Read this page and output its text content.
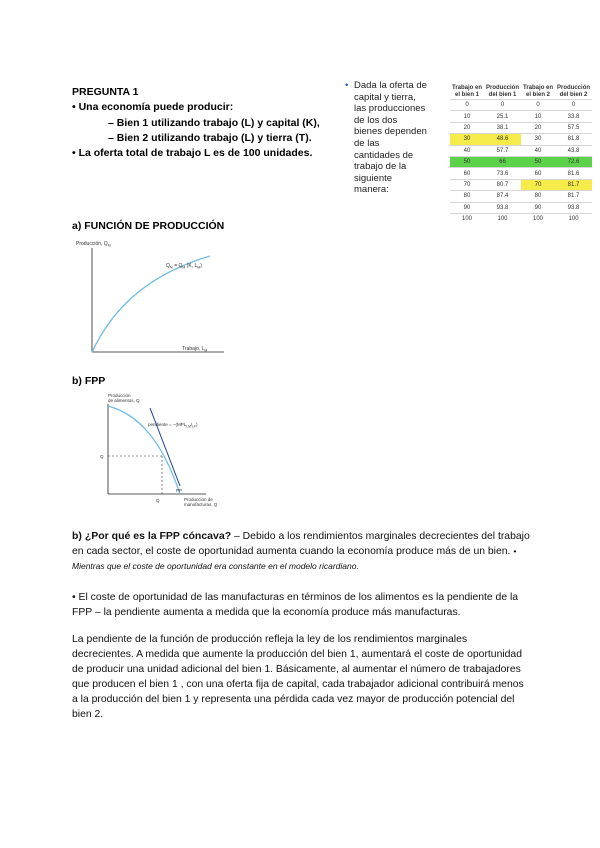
PREGUNTA 1
• Una economía puede producir:
– Bien 1 utilizando trabajo (L) y capital (K),
– Bien 2 utilizando trabajo (L) y tierra (T).
• La oferta total de trabajo L es de 100 unidades.
• Dada la oferta de
capital y tierra,
las producciones
de los dos
bienes dependen
de las
cantidades de
trabajo de la
siguiente
manera:
Trabajo en el bien 1	Producción del bien 1	Trabajo en el bien 2	Producción del bien 2
0	0	0	0
10	25.1	10	33.8
20	38.1	20	57.5
30	48.6	30	81.8
40	57.7	40	43.8
50	66	50	72.6
60	73.6	60	81.6
70	80.7	70	81.7
80	87.4	80	81.7
90	93.8	90	93.8
100	100	100	100
a) FUNCIÓN DE PRODUCCIÓN
Producción, $Q_M$
$Q_M = Q_M$ (K, $L_M$)
Trabajo, $L_M$
b) FPP
Producción
de alimentos, Q
pendiente = $-(MPL_{LM}/_{LF})$
Q
Q
PP
Producción de
manufacturas, Q
b) ¿Por qué es la FPP cóncava? – Debido a los rendimientos marginales decrecientes del trabajo en cada sector, el coste de oportunidad aumenta cuando la economía produce más de un bien. • Mientras que el coste de oportunidad era constante en el modelo ricardiano.
• El coste de oportunidad de las manufacturas en términos de los alimentos es la pendiente de la FPP – la pendiente aumenta a medida que la economía produce más manufacturas.
La pendiente de la función de producción refleja la ley de los rendimientos marginales decrecientes. A medida que aumente la producción del bien 1, aumentará el coste de oportunidad de producir una unidad adicional del bien 1. Básicamente, al aumentar el número de trabajadores que producen el bien 1 , con una oferta fija de capital, cada trabajador adicional contribuirá menos a la producción del bien 1 y representa una pérdida cada vez mayor de producción potencial del bien 2.
